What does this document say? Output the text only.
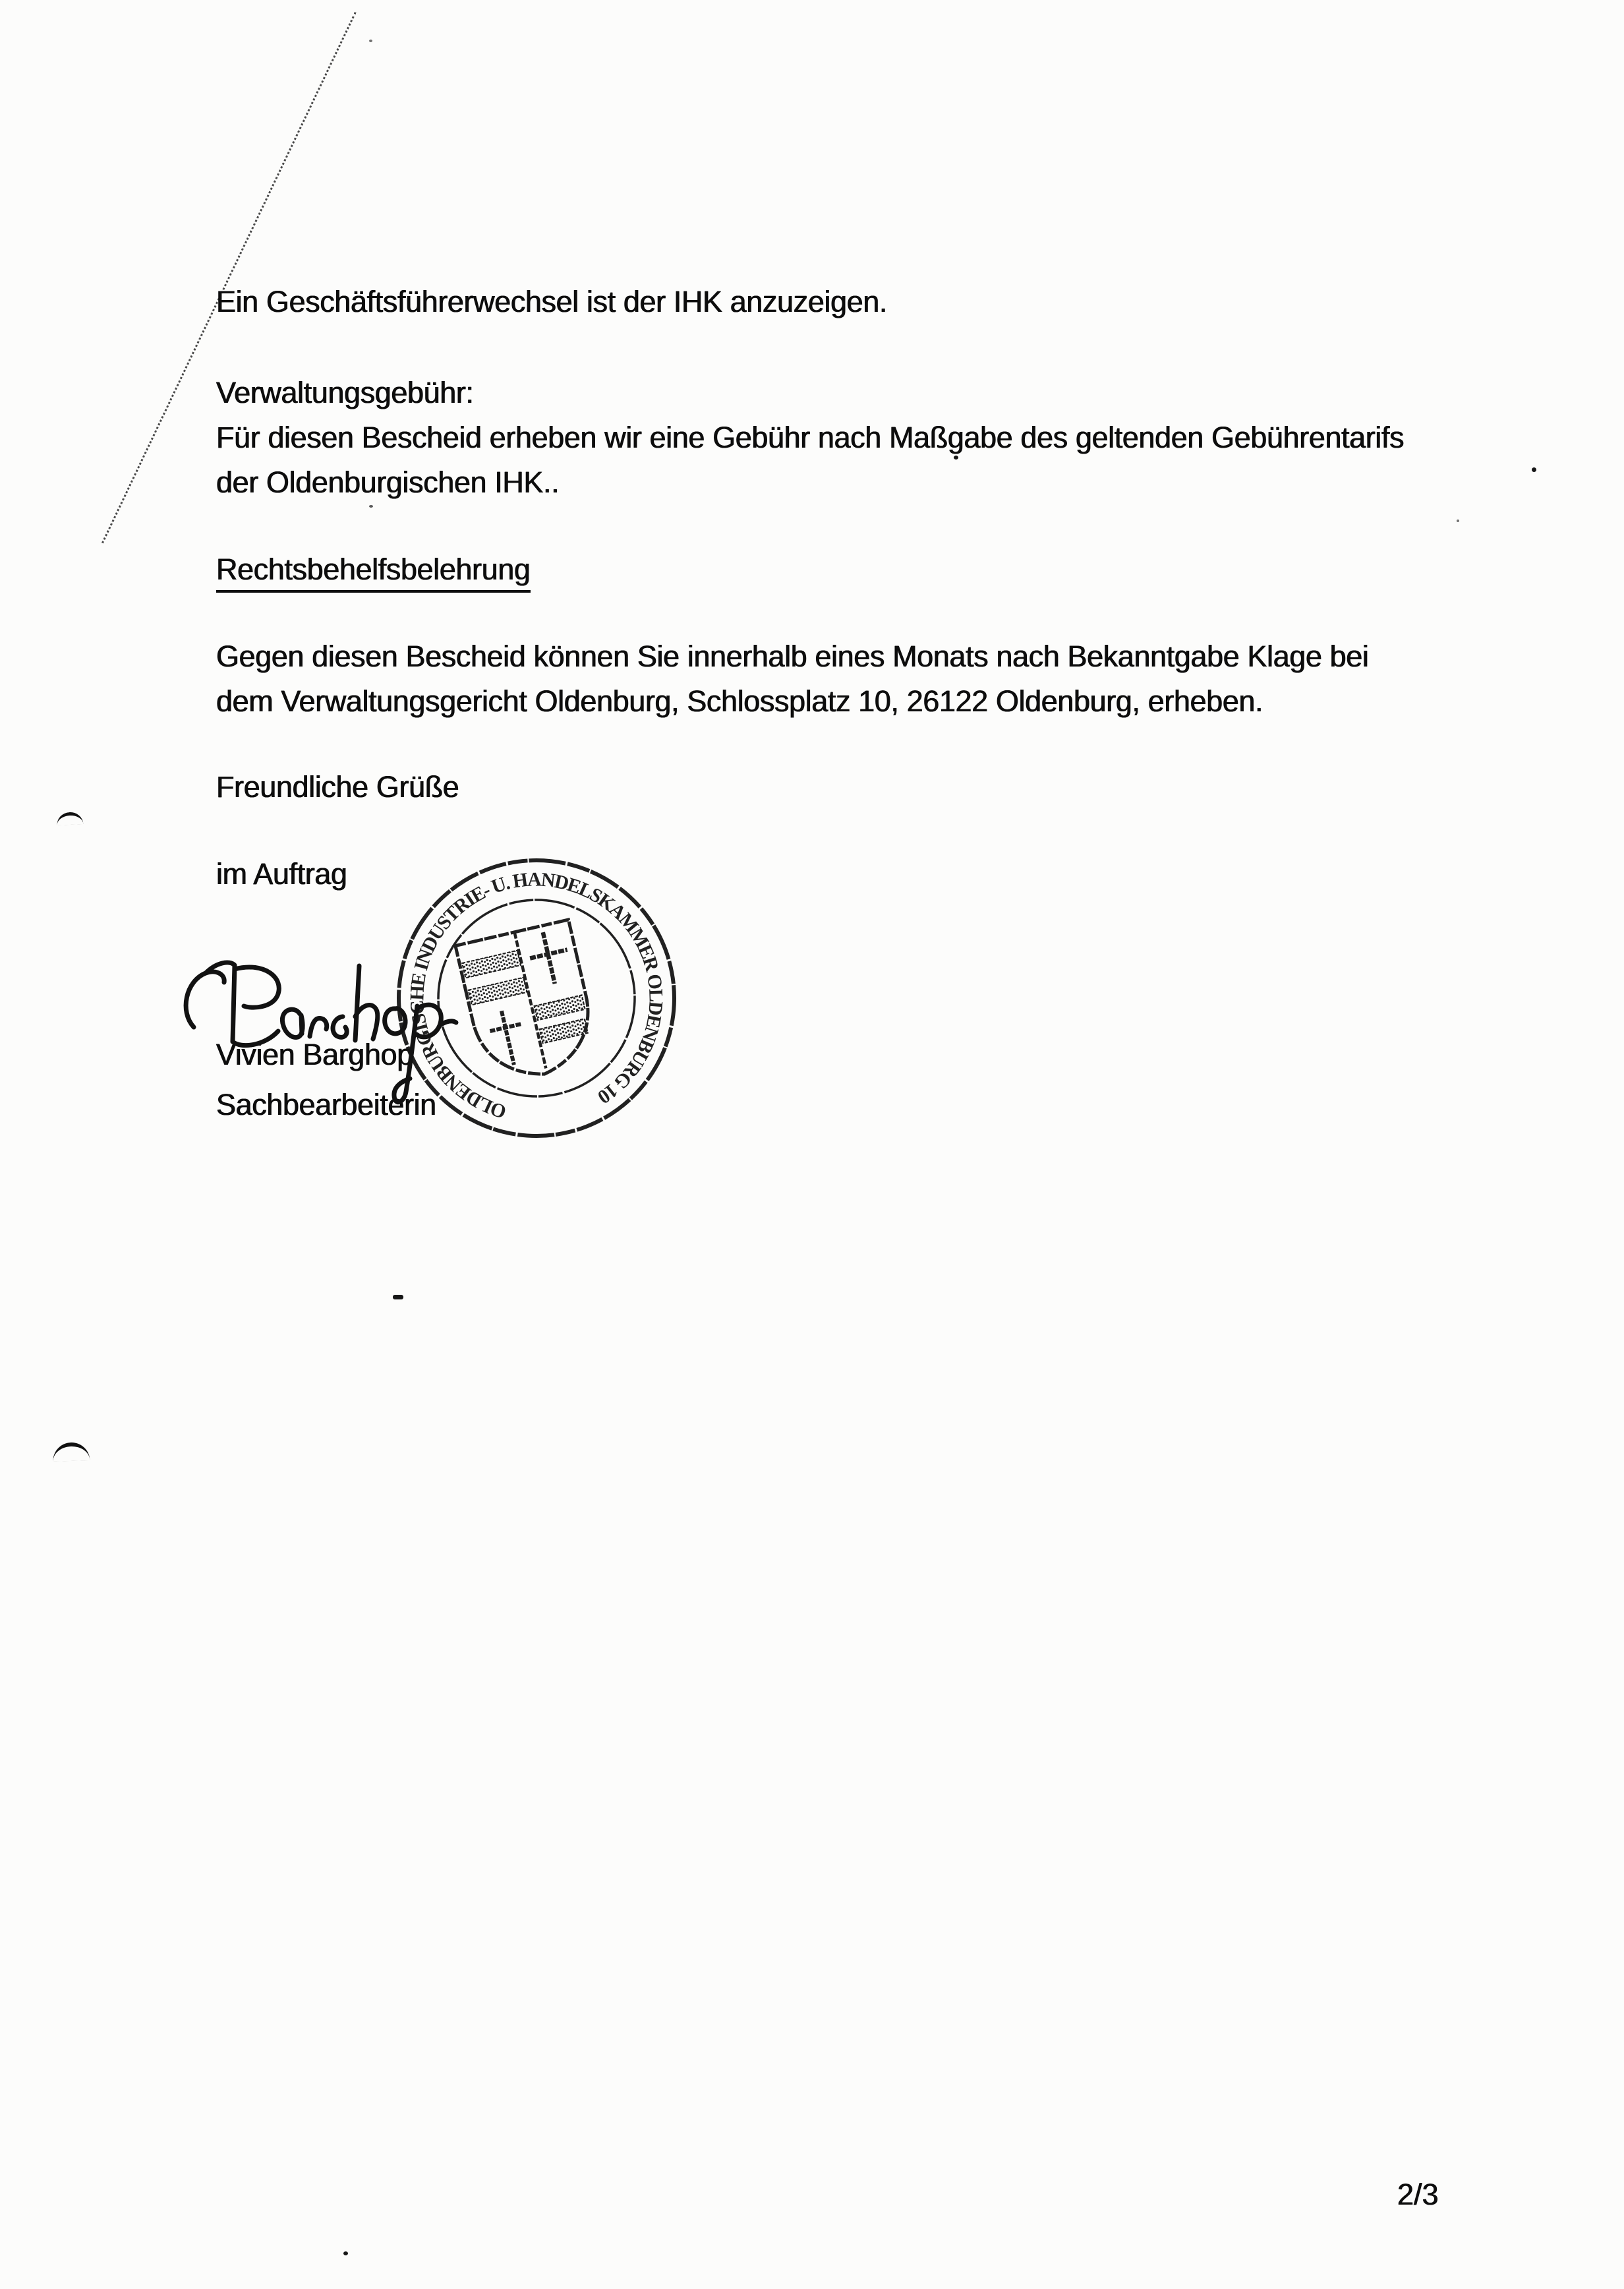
Ein Geschäftsführerwechsel ist der IHK anzuzeigen.

Verwaltungsgebühr:

Für diesen Bescheid erheben wir eine Gebühr nach Maßgabe des geltenden Gebührentarifs

der Oldenburgischen IHK..

Rechtsbehelfsbelehrung

Gegen diesen Bescheid können Sie innerhalb eines Monats nach Bekanntgabe Klage bei

dem Verwaltungsgericht Oldenburg, Schlossplatz 10, 26122 Oldenburg, erheben.

Freundliche Grüße

im Auftrag

Vivien Barghop

Sachbearbeiterin	OLDENBURGISCHE INDUSTRIE- U. HANDELSKAMMER OLDENBURG 10
2/3
